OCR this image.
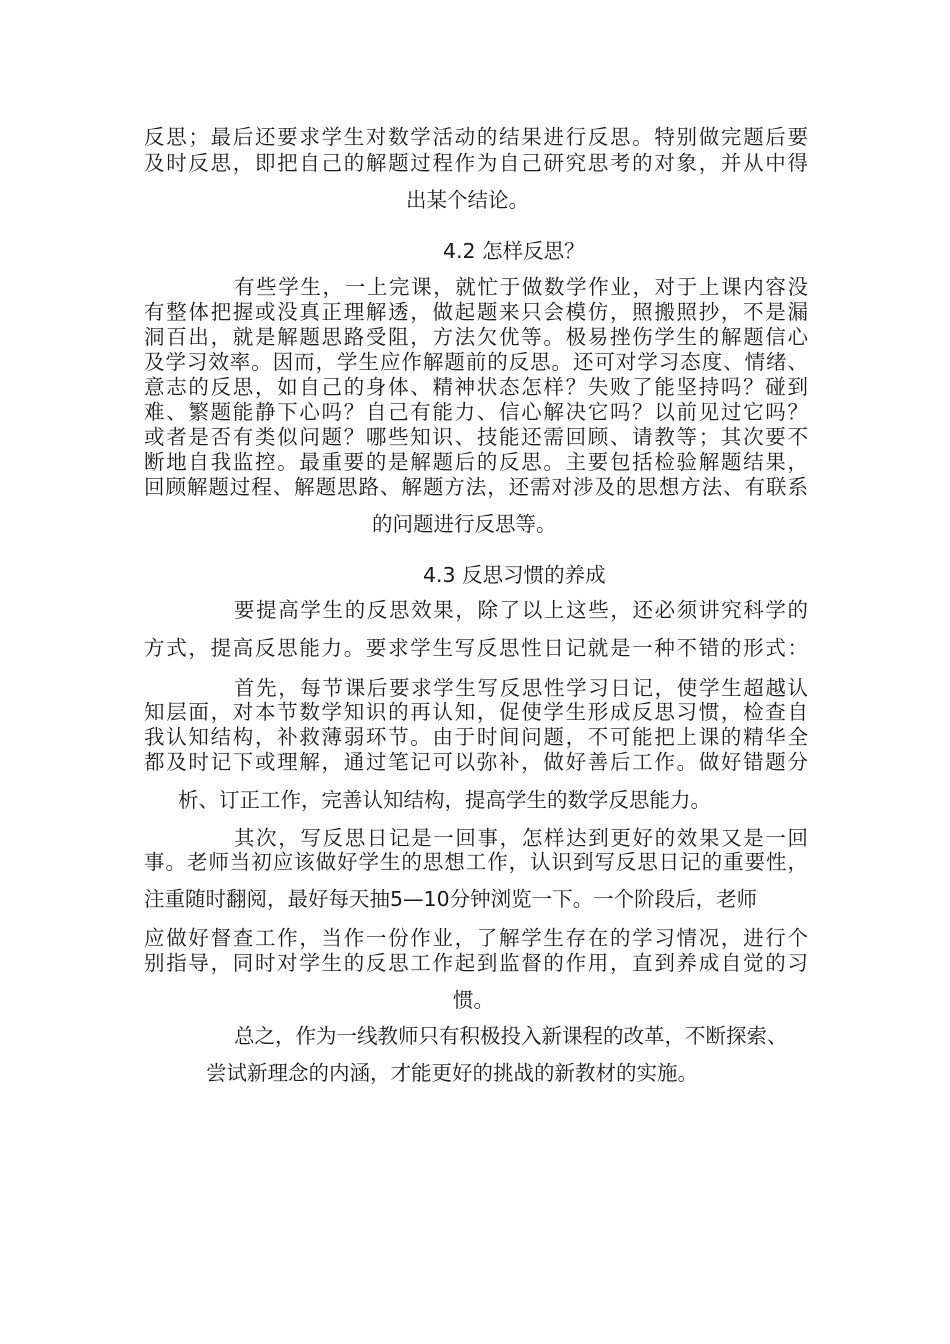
反思；最后还要求学生对数学活动的结果进行反思。特别做完题后要
及时反思，即把自己的解题过程作为自己研究思考的对象，并从中得
出某个结论。
4.2 怎样反思？
有些学生，一上完课，就忙于做数学作业，对于上课内容没
有整体把握或没真正理解透，做起题来只会模仿，照搬照抄，不是漏
洞百出，就是解题思路受阻，方法欠优等。极易挫伤学生的解题信心
及学习效率。因而，学生应作解题前的反思。还可对学习态度、情绪、
意志的反思，如自己的身体、精神状态怎样？失败了能坚持吗？碰到
难、繁题能静下心吗？自己有能力、信心解决它吗？以前见过它吗？
或者是否有类似问题？哪些知识、技能还需回顾、请教等；其次要不
断地自我监控。最重要的是解题后的反思。主要包括检验解题结果，
回顾解题过程、解题思路、解题方法，还需对涉及的思想方法、有联系
的问题进行反思等。
4.3 反思习惯的养成
要提高学生的反思效果，除了以上这些，还必须讲究科学的
方式，提高反思能力。要求学生写反思性日记就是一种不错的形式：
首先，每节课后要求学生写反思性学习日记，使学生超越认
知层面，对本节数学知识的再认知，促使学生形成反思习惯，检查自
我认知结构，补救薄弱环节。由于时间问题，不可能把上课的精华全
都及时记下或理解，通过笔记可以弥补，做好善后工作。做好错题分
析、订正工作，完善认知结构，提高学生的数学反思能力。
其次，写反思日记是一回事，怎样达到更好的效果又是一回
事。老师当初应该做好学生的思想工作，认识到写反思日记的重要性，
注重随时翻阅，最好每天抽5—10分钟浏览一下。一个阶段后，老师
应做好督查工作，当作一份作业，了解学生存在的学习情况，进行个
别指导，同时对学生的反思工作起到监督的作用，直到养成自觉的习
惯。
总之，作为一线教师只有积极投入新课程的改革，不断探索、
尝试新理念的内涵，才能更好的挑战的新教材的实施。
